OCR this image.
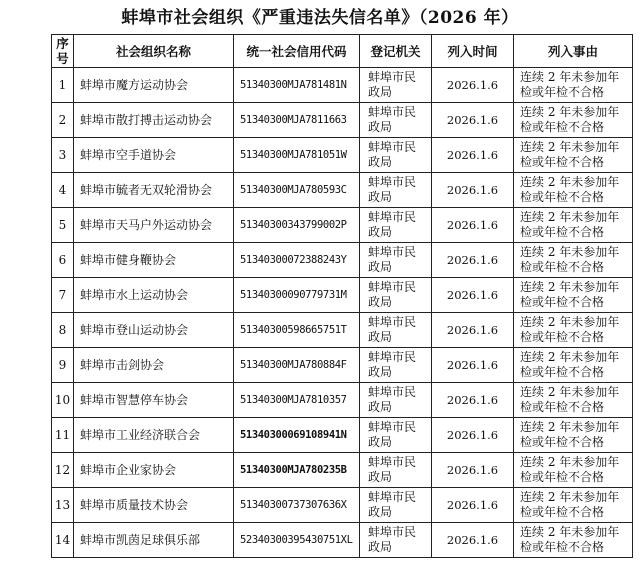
蚌埠市社会组织《严重违法失信名单》（2026 年）
序号	社会组织名称	统一社会信用代码	登记机关	列入时间	列入事由
1	蚌埠市魔方运动协会	51340300MJA781481N	蚌埠市民政局	2026.1.6	连续 2 年未参加年检或年检不合格
2	蚌埠市散打搏击运动协会	51340300MJA7811663	蚌埠市民政局	2026.1.6	连续 2 年未参加年检或年检不合格
3	蚌埠市空手道协会	51340300MJA781051W	蚌埠市民政局	2026.1.6	连续 2 年未参加年检或年检不合格
4	蚌埠市毓者无双轮滑协会	51340300MJA780593C	蚌埠市民政局	2026.1.6	连续 2 年未参加年检或年检不合格
5	蚌埠市天马户外运动协会	51340300343799002P	蚌埠市民政局	2026.1.6	连续 2 年未参加年检或年检不合格
6	蚌埠市健身鞭协会	51340300072388243Y	蚌埠市民政局	2026.1.6	连续 2 年未参加年检或年检不合格
7	蚌埠市水上运动协会	51340300090779731M	蚌埠市民政局	2026.1.6	连续 2 年未参加年检或年检不合格
8	蚌埠市登山运动协会	51340300598665751T	蚌埠市民政局	2026.1.6	连续 2 年未参加年检或年检不合格
9	蚌埠市击剑协会	51340300MJA780884F	蚌埠市民政局	2026.1.6	连续 2 年未参加年检或年检不合格
10	蚌埠市智慧停车协会	51340300MJA7810357	蚌埠市民政局	2026.1.6	连续 2 年未参加年检或年检不合格
11	蚌埠市工业经济联合会	51340300069108941N	蚌埠市民政局	2026.1.6	连续 2 年未参加年检或年检不合格
12	蚌埠市企业家协会	51340300MJA780235B	蚌埠市民政局	2026.1.6	连续 2 年未参加年检或年检不合格
13	蚌埠市质量技术协会	51340300737307636X	蚌埠市民政局	2026.1.6	连续 2 年未参加年检或年检不合格
14	蚌埠市凯茵足球俱乐部	52340300395430751XL	蚌埠市民政局	2026.1.6	连续 2 年未参加年检或年检不合格
